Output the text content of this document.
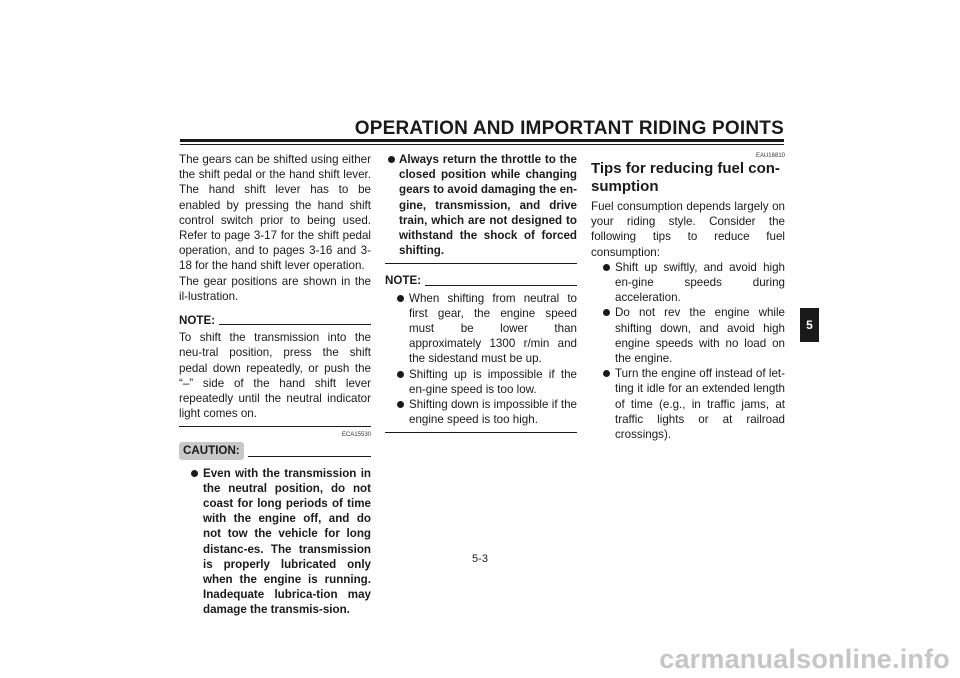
OPERATION AND IMPORTANT RIDING POINTS

The gears can be shifted using either the shift pedal or the hand shift lever. The hand shift lever has to be enabled by pressing the hand shift control switch prior to being used. Refer to page 3-17 for the shift pedal operation, and to pages 3-16 and 3-18 for the hand shift lever operation.

The gear positions are shown in the il-lustration.

NOTE:

To shift the transmission into the neu-tral position, press the shift pedal down repeatedly, or push the “–” side of the hand shift lever repeatedly until the neutral indicator light comes on.

ECA15530
CAUTION:
Even with the transmission in the neutral position, do not coast for long periods of time with the engine off, and do not tow the vehicle for long distanc-es. The transmission is properly lubricated only when the engine is running. Inadequate lubrica-tion may damage the transmis-sion.
Always return the throttle to the closed position while changing gears to avoid damaging the en-gine, transmission, and drive train, which are not designed to withstand the shock of forced shifting.
NOTE:
When shifting from neutral to first gear, the engine speed must be lower than approximately 1300 r/min and the sidestand must be up.
Shifting up is impossible if the en-gine speed is too low.
Shifting down is impossible if the engine speed is too high.
EAU16810
Tips for reducing fuel con-sumption

Fuel consumption depends largely on your riding style. Consider the following tips to reduce fuel consumption:

Shift up swiftly, and avoid high en-gine speeds during acceleration.
Do not rev the engine while shifting down, and avoid high engine speeds with no load on the engine.
Turn the engine off instead of let-ting it idle for an extended length of time (e.g., in traffic jams, at traffic lights or at railroad crossings).
5
5-3
carmanualsonline.info
